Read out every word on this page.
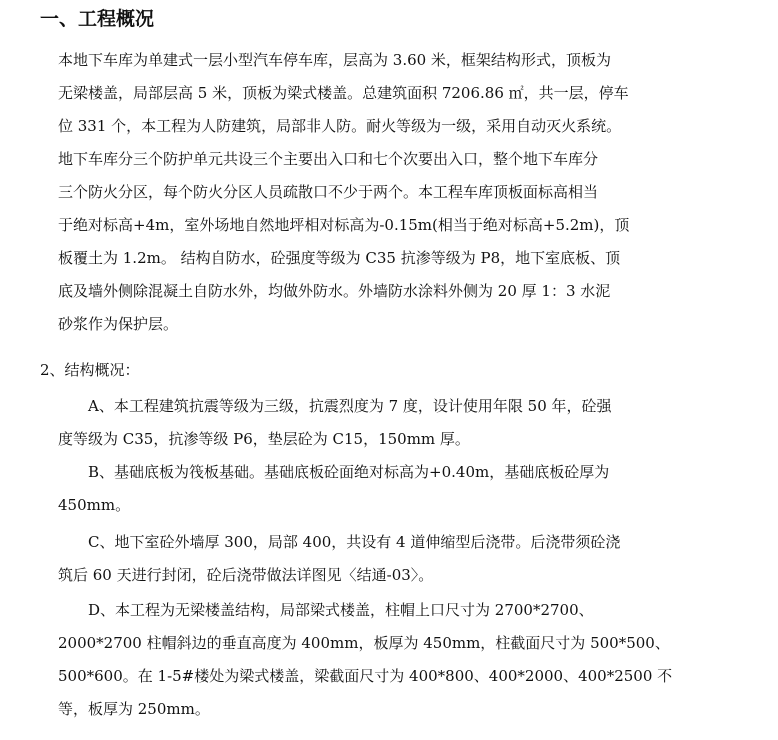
一、工程概况
本地下车库为单建式一层小型汽车停车库，层高为 3.60 米，框架结构形式，顶板为
无梁楼盖，局部层高 5 米，顶板为梁式楼盖。总建筑面积 7206.86 ㎡，共一层，停车
位 331 个，本工程为人防建筑，局部非人防。耐火等级为一级，采用自动灭火系统。
地下车库分三个防护单元共设三个主要出入口和七个次要出入口，整个地下车库分
三个防火分区，每个防火分区人员疏散口不少于两个。本工程车库顶板面标高相当
于绝对标高+4m，室外场地自然地坪相对标高为-0.15m(相当于绝对标高+5.2m)，顶
板覆土为 1.2m。 结构自防水，砼强度等级为 C35 抗渗等级为 P8，地下室底板、顶
底及墙外侧除混凝土自防水外，均做外防水。外墙防水涂料外侧为 20 厚 1：3 水泥
砂浆作为保护层。
2、结构概况：
A、本工程建筑抗震等级为三级，抗震烈度为 7 度，设计使用年限 50 年，砼强
度等级为 C35，抗渗等级 P6，垫层砼为 C15，150mm 厚。
B、基础底板为筏板基础。基础底板砼面绝对标高为+0.40m，基础底板砼厚为
450mm。
C、地下室砼外墙厚 300，局部 400，共设有 4 道伸缩型后浇带。后浇带须砼浇
筑后 60 天进行封闭，砼后浇带做法详图见〈结通-03〉。
D、本工程为无梁楼盖结构，局部梁式楼盖，柱帽上口尺寸为 2700*2700、
2000*2700 柱帽斜边的垂直高度为 400mm，板厚为 450mm，柱截面尺寸为 500*500、
500*600。在 1-5#楼处为梁式楼盖，梁截面尺寸为 400*800、400*2000、400*2500 不
等，板厚为 250mm。
